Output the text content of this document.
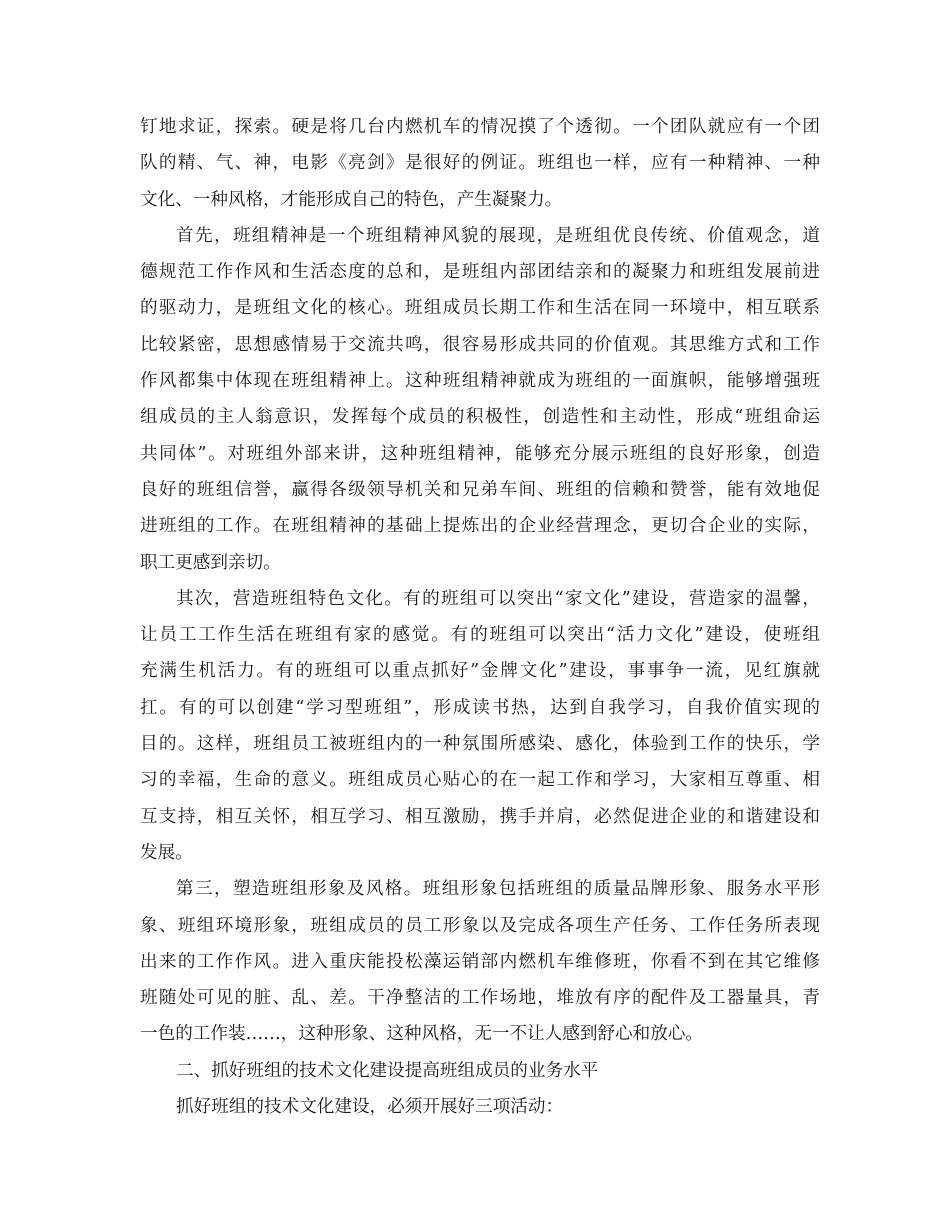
钉地求证，探索。硬是将几台内燃机车的情况摸了个透彻。一个团队就应有一个团
队的精、气、神，电影《亮剑》是很好的例证。班组也一样，应有一种精神、一种
文化、一种风格，才能形成自己的特色，产生凝聚力。
首先，班组精神是一个班组精神风貌的展现，是班组优良传统、价值观念，道
德规范工作作风和生活态度的总和，是班组内部团结亲和的凝聚力和班组发展前进
的驱动力，是班组文化的核心。班组成员长期工作和生活在同一环境中，相互联系
比较紧密，思想感情易于交流共鸣，很容易形成共同的价值观。其思维方式和工作
作风都集中体现在班组精神上。这种班组精神就成为班组的一面旗帜，能够增强班
组成员的主人翁意识，发挥每个成员的积极性，创造性和主动性，形成“班组命运
共同体”。对班组外部来讲，这种班组精神，能够充分展示班组的良好形象，创造
良好的班组信誉，赢得各级领导机关和兄弟车间、班组的信赖和赞誉，能有效地促
进班组的工作。在班组精神的基础上提炼出的企业经营理念，更切合企业的实际，
职工更感到亲切。
其次，营造班组特色文化。有的班组可以突出“家文化”建设，营造家的温馨，
让员工工作生活在班组有家的感觉。有的班组可以突出“活力文化”建设，使班组
充满生机活力。有的班组可以重点抓好”金牌文化”建设，事事争一流，见红旗就
扛。有的可以创建“学习型班组”，形成读书热，达到自我学习，自我价值实现的
目的。这样，班组员工被班组内的一种氛围所感染、感化，体验到工作的快乐，学
习的幸福，生命的意义。班组成员心贴心的在一起工作和学习，大家相互尊重、相
互支持，相互关怀，相互学习、相互激励，携手并肩，必然促进企业的和谐建设和
发展。
第三，塑造班组形象及风格。班组形象包括班组的质量品牌形象、服务水平形
象、班组环境形象，班组成员的员工形象以及完成各项生产任务、工作任务所表现
出来的工作作风。进入重庆能投松藻运销部内燃机车维修班，你看不到在其它维修
班随处可见的脏、乱、差。干净整洁的工作场地，堆放有序的配件及工器量具，青
一色的工作装……，这种形象、这种风格，无一不让人感到舒心和放心。
二、抓好班组的技术文化建设提高班组成员的业务水平
抓好班组的技术文化建设，必须开展好三项活动：
